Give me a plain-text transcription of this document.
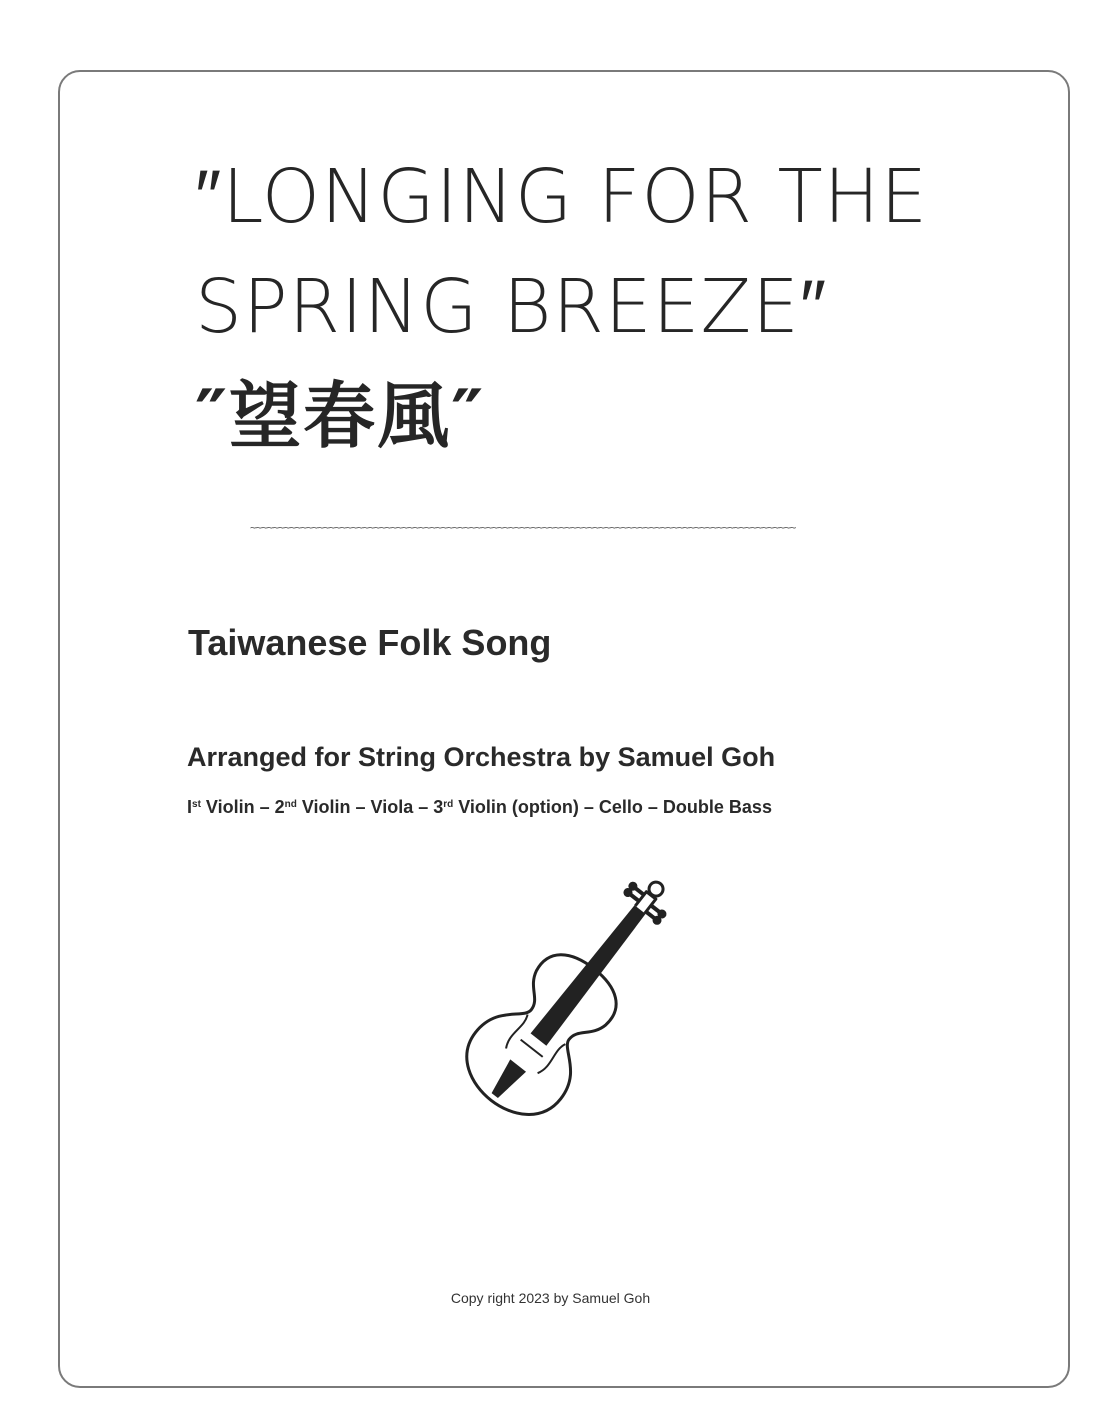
″LONGING FOR THE
SPRING BREEZE″
″望春風″
~~~~~~~~~~~~~~~~~~~~~~~~~~~~~~~~~~~~~~~~~~~~~~~~~~~~~~~~~~~~~~~~~~~~~~~~~~~~~~~~~~~~~~~~~~~~~~~~~
Taiwanese Folk Song
Arranged for String Orchestra by Samuel Goh
Ist Violin – 2nd Violin – Viola – 3rd Violin (option) – Cello – Double Bass
Copy right 2023 by Samuel Goh
